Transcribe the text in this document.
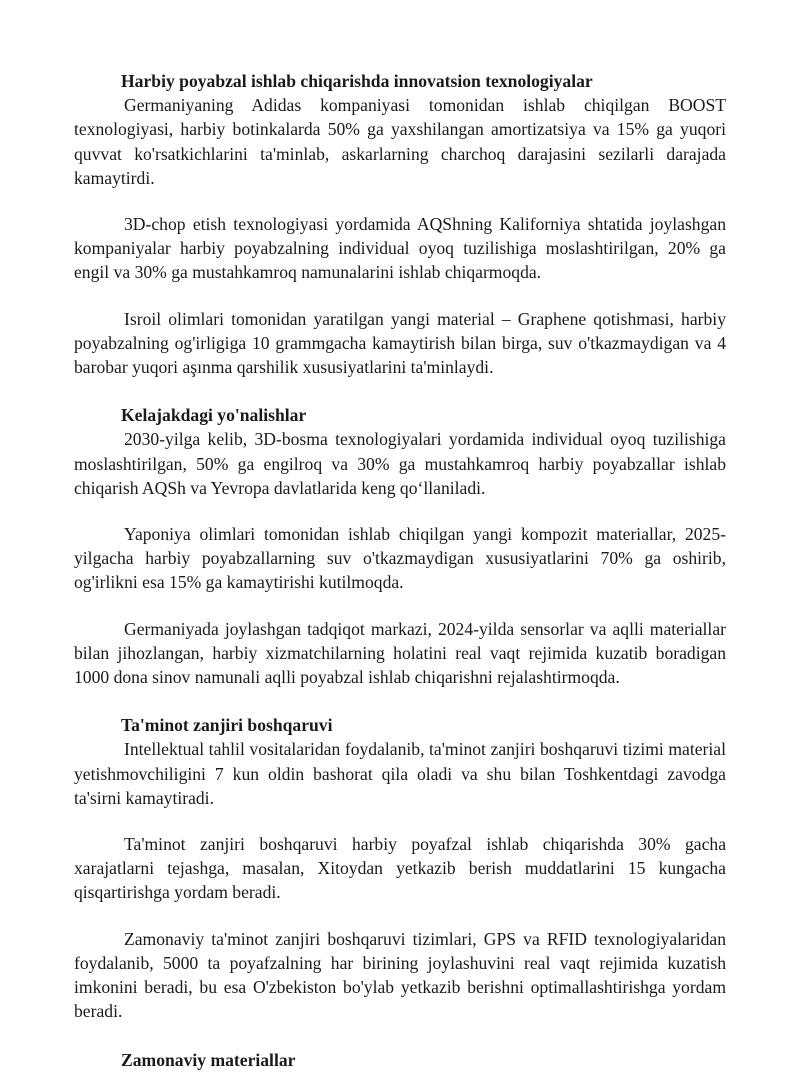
Harbiy poyabzal ishlab chiqarishda innovatsion texnologiyalar

Germaniyaning Adidas kompaniyasi tomonidan ishlab chiqilgan BOOST texnologiyasi, harbiy botinkalarda 50% ga yaxshilangan amortizatsiya va 15% ga yuqori quvvat ko'rsatkichlarini ta'minlab, askarlarning charchoq darajasini sezilarli darajada kamaytirdi.

3D-chop etish texnologiyasi yordamida AQShning Kaliforniya shtatida joylashgan kompaniyalar harbiy poyabzalning individual oyoq tuzilishiga moslashtirilgan, 20% ga engil va 30% ga mustahkamroq namunalarini ishlab chiqarmoqda.

Isroil olimlari tomonidan yaratilgan yangi material – Graphene qotishmasi, harbiy poyabzalning og'irligiga 10 grammgacha kamaytirish bilan birga, suv o'tkazmaydigan va 4 barobar yuqori aşınma qarshilik xususiyatlarini ta'minlaydi.

Kelajakdagi yo'nalishlar

2030-yilga kelib, 3D-bosma texnologiyalari yordamida individual oyoq tuzilishiga moslashtirilgan, 50% ga engilroq va 30% ga mustahkamroq harbiy poyabzallar ishlab chiqarish AQSh va Yevropa davlatlarida keng qo‘llaniladi.

Yaponiya olimlari tomonidan ishlab chiqilgan yangi kompozit materiallar, 2025-yilgacha harbiy poyabzallarning suv o'tkazmaydigan xususiyatlarini 70% ga oshirib, og'irlikni esa 15% ga kamaytirishi kutilmoqda.

Germaniyada joylashgan tadqiqot markazi, 2024-yilda sensorlar va aqlli materiallar bilan jihozlangan, harbiy xizmatchilarning holatini real vaqt rejimida kuzatib boradigan 1000 dona sinov namunali aqlli poyabzal ishlab chiqarishni rejalashtirmoqda.

Ta'minot zanjiri boshqaruvi

Intellektual tahlil vositalaridan foydalanib, ta'minot zanjiri boshqaruvi tizimi material yetishmovchiligini 7 kun oldin bashorat qila oladi va shu bilan Toshkentdagi zavodga ta'sirni kamaytiradi.

Ta'minot zanjiri boshqaruvi harbiy poyafzal ishlab chiqarishda 30% gacha xarajatlarni tejashga, masalan, Xitoydan yetkazib berish muddatlarini 15 kungacha qisqartirishga yordam beradi.

Zamonaviy ta'minot zanjiri boshqaruvi tizimlari, GPS va RFID texnologiyalaridan foydalanib, 5000 ta poyafzalning har birining joylashuvini real vaqt rejimida kuzatish imkonini beradi, bu esa O'zbekiston bo'ylab yetkazib berishni optimallashtirishga yordam beradi.

Zamonaviy materiallar
